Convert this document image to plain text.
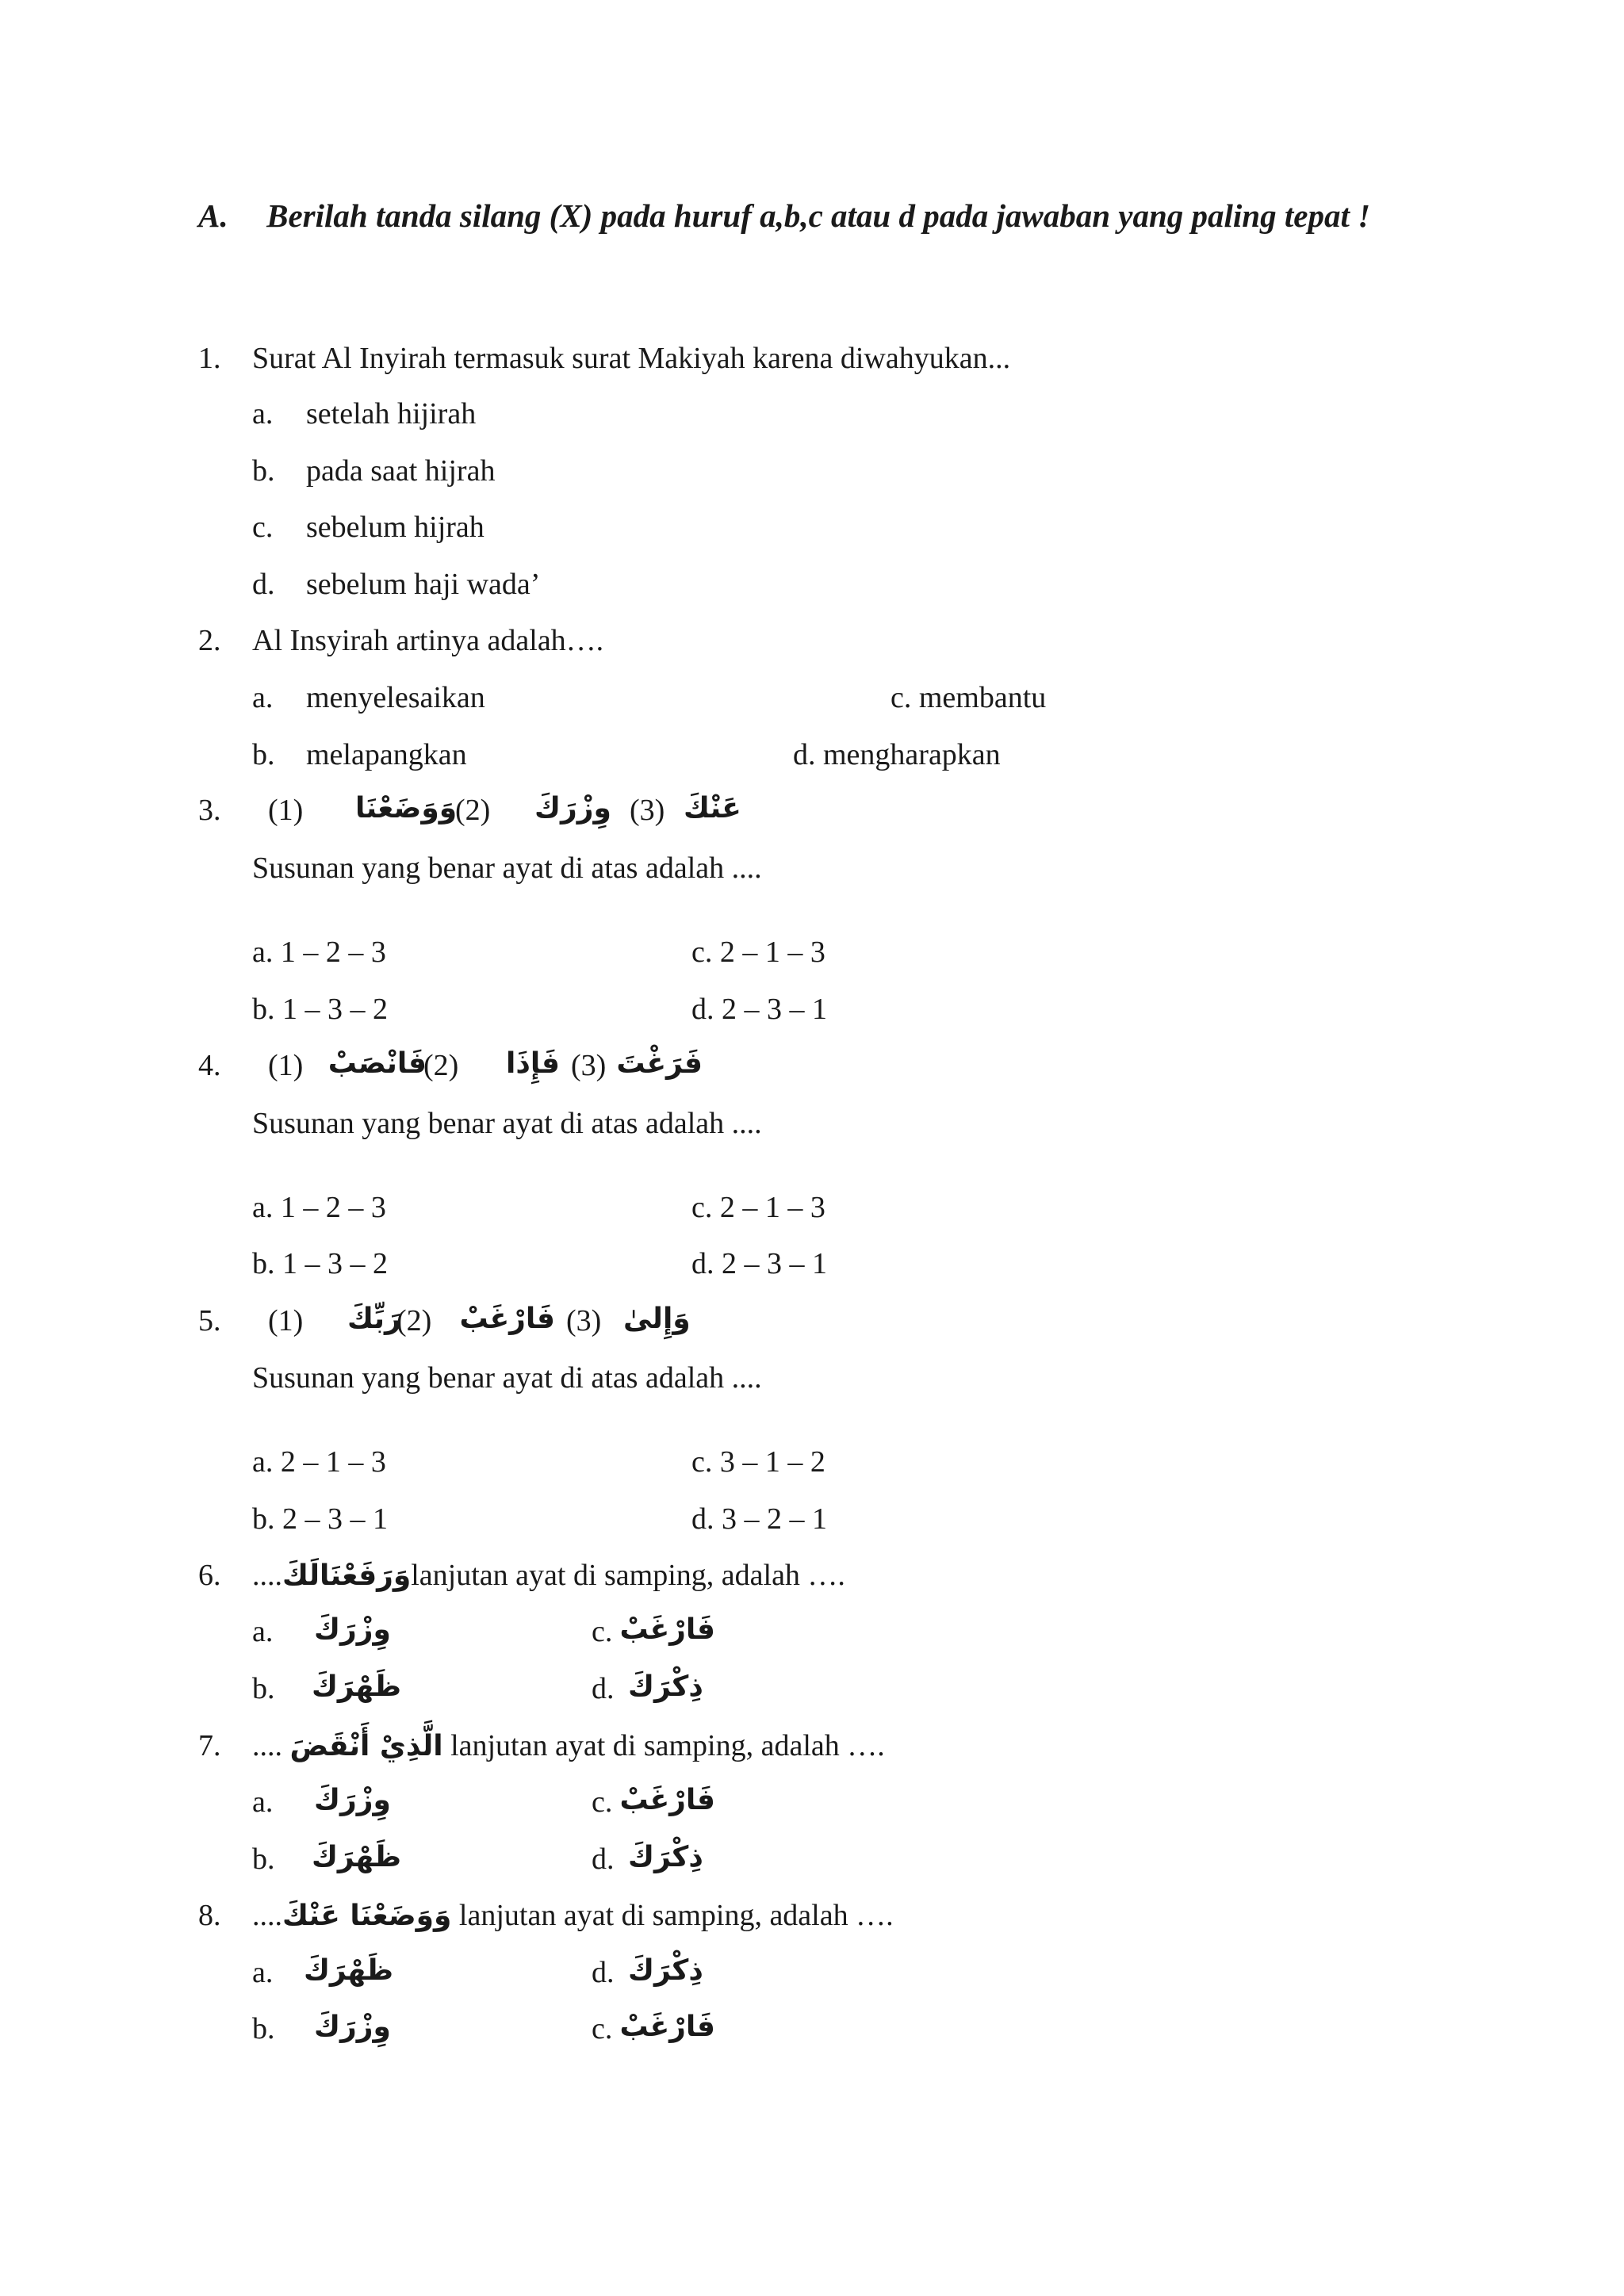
A. Berilah tanda silang (X) pada huruf a,b,c atau d pada jawaban yang paling tepat !
1. Surat Al Inyirah termasuk surat Makiyah karena diwahyukan...
a. setelah hijirah
b. pada saat hijrah
c. sebelum hijrah
d. sebelum haji wada’
2. Al Insyirah artinya adalah….
a. menyelesaikan	c. membantu
b. melapangkan	d. mengharapkan
3. (1) وَوَضَعْنَا
(2) وِزْرَكَ (3) عَنْكَ
Susunan yang benar ayat di atas adalah ....
a. 1 – 2 – 3	c. 2 – 1 – 3
b. 1 – 3 – 2	d. 2 – 3 – 1
4. (1) فَانْصَبْ
(2) فَإِذَا (3) فَرَغْتَ
Susunan yang benar ayat di atas adalah ....
a. 1 – 2 – 3	c. 2 – 1 – 3
b. 1 – 3 – 2	d. 2 – 3 – 1
5. (1) رَبِّكَ
(2) فَارْغَبْ (3) وَإِلىٰ
Susunan yang benar ayat di atas adalah ....
a. 2 – 1 – 3	c. 3 – 1 – 2
b. 2 – 3 – 1	d. 3 – 2 – 1
6. ....وَرَفَعْنَالَكَlanjutan ayat di samping, adalah ….
a. وِزْرَكَ	c. فَارْغَبْ
b. ظَهْرَكَ	d. ذِكْرَكَ
7. .... الَّذِيْ أَنْقَضَ lanjutan ayat di samping, adalah ….
a. وِزْرَكَ	c. فَارْغَبْ
b. ظَهْرَكَ	d. ذِكْرَكَ
8. ....وَوَضَعْنَا عَنْكَ lanjutan ayat di samping, adalah ….
a. ظَهْرَكَ	d. ذِكْرَكَ
b. وِزْرَكَ	c. فَارْغَبْ
